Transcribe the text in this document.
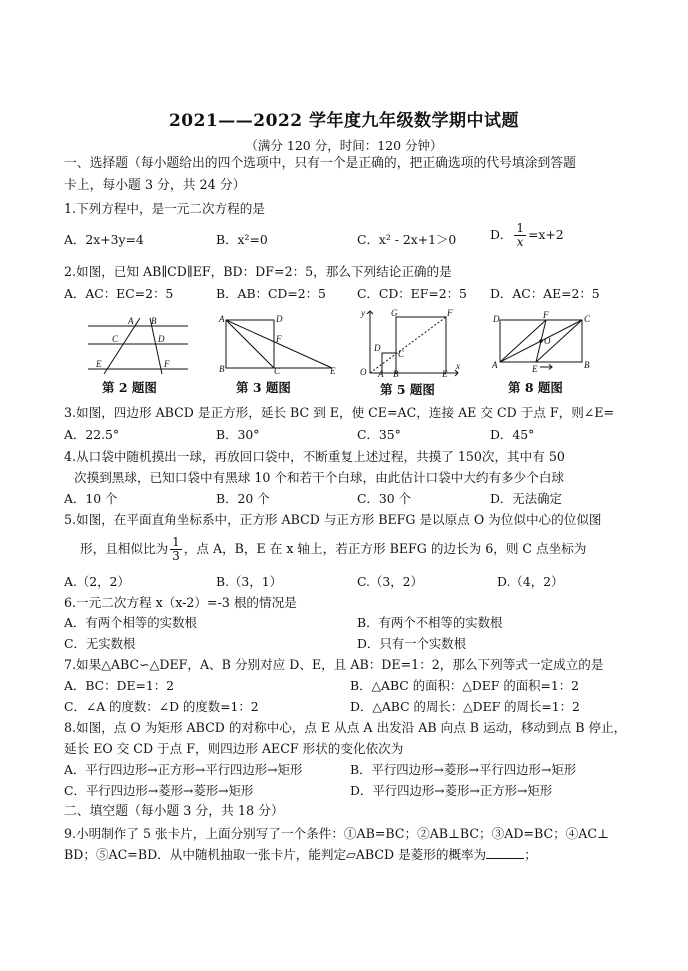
2021——2022 学年度九年级数学期中试题
（满分 120 分，时间：120 分钟）
一、选择题（每小题给出的四个选项中，只有一个是正确的，把正确选项的代号填涂到答题
卡上，每小题 3 分，共 24 分）
1.下列方程中，是一元二次方程的是
A．2x+3y=4	B．x²=0	C．x² - 2x+1＞0	D． $\frac{1}{x} =x+2$
2.如图，已知 AB∥CD∥EF，BD：DF=2：5，那么下列结论正确的是
A．AC：EC=2：5	B．AB：CD=2：5	C．CD：EF=2：5 D．AC：AE=2：5
A B
C	D
E	F
第 2 题图
A	D
F
B	C	E
第 3 题图
y	G	F
D
C
O A B	E
x
第 5 题图
D	F	C
O
A	E	B
第 8 题图
3.如图，四边形 ABCD 是正方形，延长 BC 到 E，使 CE=AC，连接 AE 交 CD 于点 F，则∠E=
A．22.5°	B．30°	C．35°	D．45°
4.从口袋中随机摸出一球，再放回口袋中，不断重复上述过程，共摸了 150次，其中有 50
次摸到黑球，已知口袋中有黑球 10 个和若干个白球，由此估计口袋中大约有多少个白球
A．10 个	B．20 个	C．30 个	D．无法确定
5.如图，在平面直角坐标系中，正方形 ABCD 与正方形 BEFG 是以原点 O 为位似中心的位似图
形，且相似比为 $\frac{1}{3}$ ，点 A，B，E 在 x 轴上，若正方形 BEFG 的边长为 6，则 C 点坐标为
A.（2，2）	B.（3，1）	C.（3，2）	D.（4，2）
6.一元二次方程 x（x-2）=-3 根的情况是
A．有两个相等的实数根	B．有两个不相等的实数根
C．无实数根	D．只有一个实数根
7.如果△ABC∽△DEF，A、B 分别对应 D、E，且 AB：DE=1：2，那么下列等式一定成立的是
A．BC：DE=1：2	B．△ABC 的面积：△DEF 的面积=1：2
C．∠A 的度数：∠D 的度数=1：2	D．△ABC 的周长：△DEF 的周长=1：2
8.如图，点 O 为矩形 ABCD 的对称中心，点 E 从点 A 出发沿 AB 向点 B 运动，移动到点 B 停止，
延长 EO 交 CD 于点 F，则四边形 AECF 形状的变化依次为
A．平行四边形→正方形→平行四边形→矩形	B．平行四边形→菱形→平行四边形→矩形
C．平行四边形→菱形→菱形→矩形	D．平行四边形→菱形→正方形→矩形
二、填空题（每小题 3 分，共 18 分）
9.小明制作了 5 张卡片，上面分别写了一个条件：①AB=BC；②AB⊥BC；③AD=BC；④AC⊥
BD；⑤AC=BD．从中随机抽取一张卡片，能判定▱ABCD 是菱形的概率为	；
